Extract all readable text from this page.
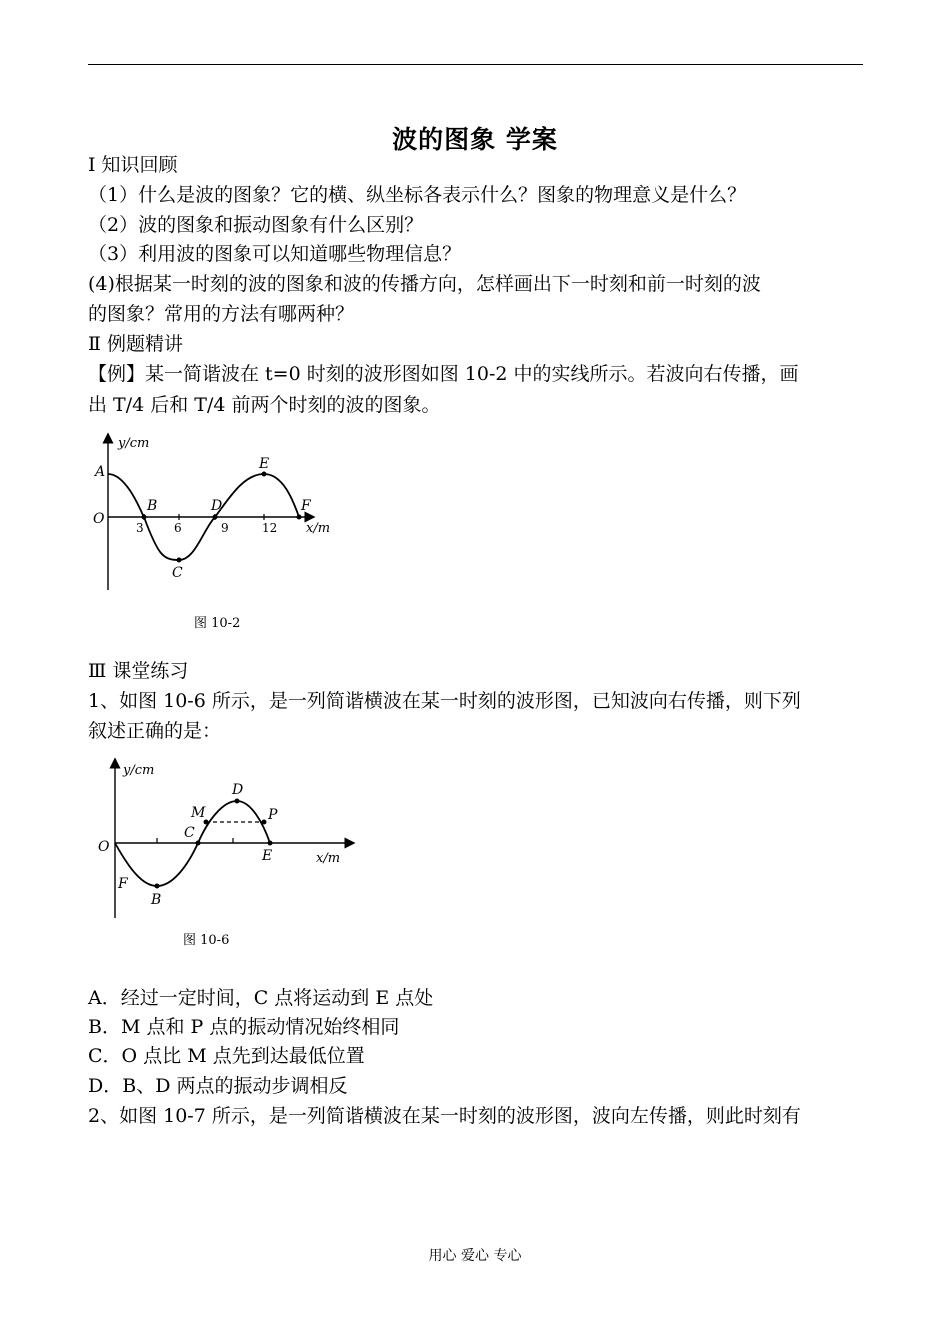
波的图象 学案
Ⅰ 知识回顾
（1）什么是波的图象？它的横、纵坐标各表示什么？图象的物理意义是什么？
（2）波的图象和振动图象有什么区别？
（3）利用波的图象可以知道哪些物理信息？
(4)根据某一时刻的波的图象和波的传播方向，怎样画出下一时刻和前一时刻的波
的图象？常用的方法有哪两种？
Ⅱ 例题精讲
【例】某一简谐波在 t=0 时刻的波形图如图 10-2 中的实线所示。若波向右传播，画
出 T/4 后和 T/4 前两个时刻的波的图象。
y/cm
x/m
O
3	6	9	12
A
B
C
D
E
F
图 10-2
Ⅲ 课堂练习
1、如图 10-6 所示，是一列简谐横波在某一时刻的波形图，已知波向右传播，则下列
叙述正确的是：
y/cm
x/m
O
F
B
C
M
D
P
E
图 10-6
A．经过一定时间，C 点将运动到 E 点处
B．M 点和 P 点的振动情况始终相同
C．O 点比 M 点先到达最低位置
D．B、D 两点的振动步调相反
2、如图 10-7 所示，是一列简谐横波在某一时刻的波形图，波向左传播，则此时刻有
用心 爱心 专心
